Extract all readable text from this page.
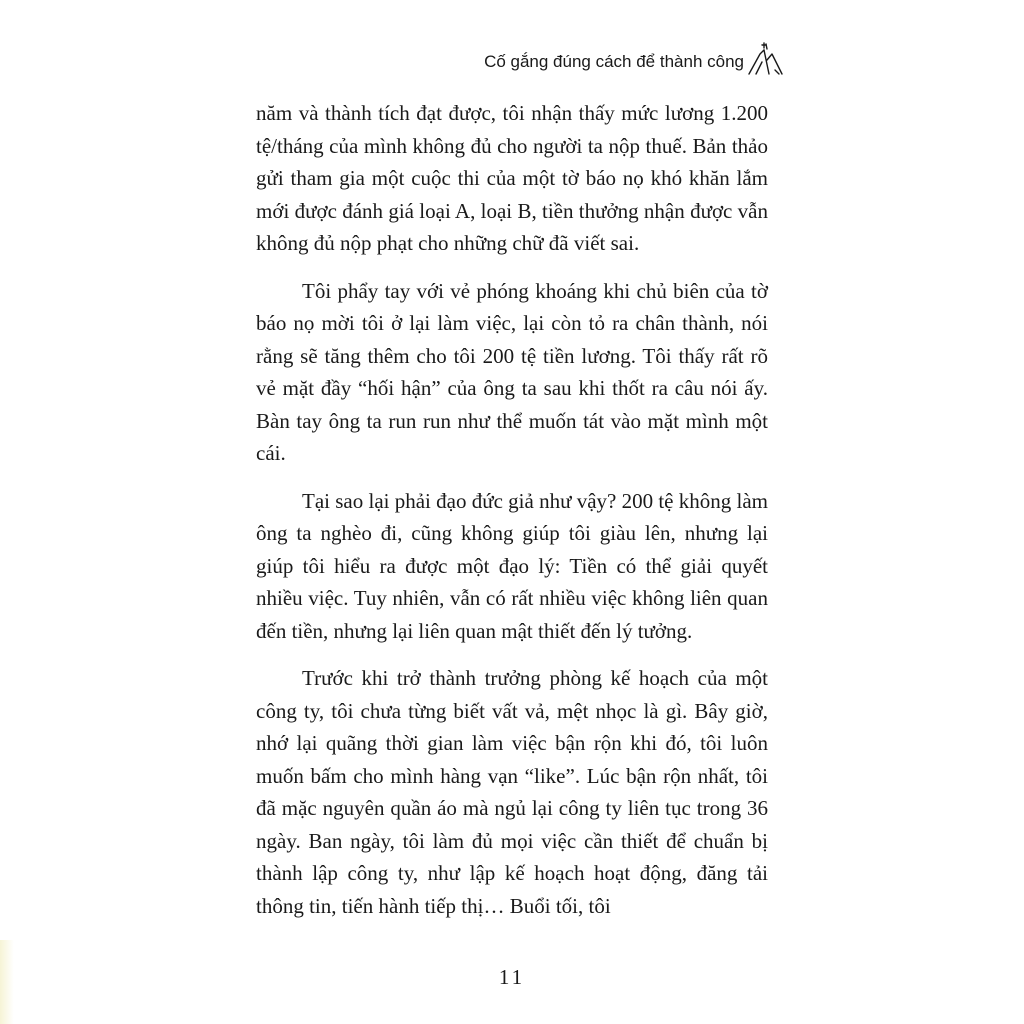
Cố gắng đúng cách để thành công

năm và thành tích đạt được, tôi nhận thấy mức lương 1.200 tệ/tháng của mình không đủ cho người ta nộp thuế. Bản thảo gửi tham gia một cuộc thi của một tờ báo nọ khó khăn lắm mới được đánh giá loại A, loại B, tiền thưởng nhận được vẫn không đủ nộp phạt cho những chữ đã viết sai.

Tôi phẩy tay với vẻ phóng khoáng khi chủ biên của tờ báo nọ mời tôi ở lại làm việc, lại còn tỏ ra chân thành, nói rằng sẽ tăng thêm cho tôi 200 tệ tiền lương. Tôi thấy rất rõ vẻ mặt đầy “hối hận” của ông ta sau khi thốt ra câu nói ấy. Bàn tay ông ta run run như thể muốn tát vào mặt mình một cái.

Tại sao lại phải đạo đức giả như vậy? 200 tệ không làm ông ta nghèo đi, cũng không giúp tôi giàu lên, nhưng lại giúp tôi hiểu ra được một đạo lý: Tiền có thể giải quyết nhiều việc. Tuy nhiên, vẫn có rất nhiều việc không liên quan đến tiền, nhưng lại liên quan mật thiết đến lý tưởng.

Trước khi trở thành trưởng phòng kế hoạch của một công ty, tôi chưa từng biết vất vả, mệt nhọc là gì. Bây giờ, nhớ lại quãng thời gian làm việc bận rộn khi đó, tôi luôn muốn bấm cho mình hàng vạn “like”. Lúc bận rộn nhất, tôi đã mặc nguyên quần áo mà ngủ lại công ty liên tục trong 36 ngày. Ban ngày, tôi làm đủ mọi việc cần thiết để chuẩn bị thành lập công ty, như lập kế hoạch hoạt động, đăng tải thông tin, tiến hành tiếp thị… Buổi tối, tôi

11
